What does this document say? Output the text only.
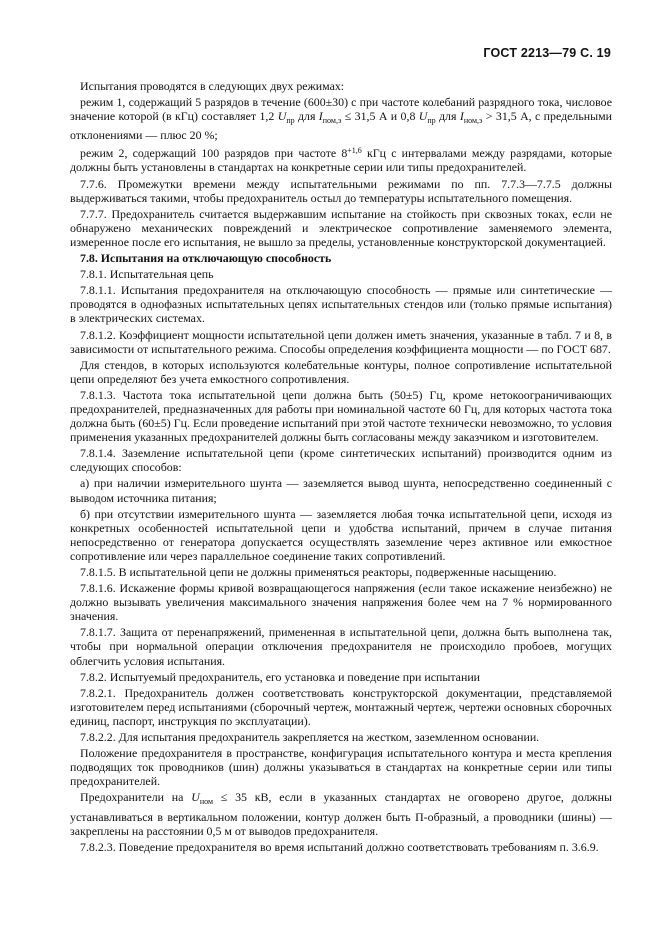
ГОСТ 2213—79 С. 19

Испытания проводятся в следующих двух режимах:

режим 1, содержащий 5 разрядов в течение (600±30) с при частоте колебаний разрядного тока, числовое значение которой (в кГц) составляет 1,2 $U_{пр}$ для $I_{пом,э} \le 31,5$ А и 0,8 $U_{пр}$ для $I_{ном,э} > 31,5$ А, с предельными отклонениями — плюс 20 %;

режим 2, содержащий 100 разрядов при частоте $8^{+1,6}$ кГц с интервалами между разрядами, которые должны быть установлены в стандартах на конкретные серии или типы предохранителей.

7.7.6. Промежутки времени между испытательными режимами по пп. 7.7.3—7.7.5 должны выдерживаться такими, чтобы предохранитель остыл до температуры испытательного помещения.

7.7.7. Предохранитель считается выдержавшим испытание на стойкость при сквозных токах, если не обнаружено механических повреждений и электрическое сопротивление заменяемого элемента, измеренное после его испытания, не вышло за пределы, установленные конструкторской документацией.

7.8. Испытания на отключающую способность

7.8.1. Испытательная цепь

7.8.1.1. Испытания предохранителя на отключающую способность — прямые или синтетические — проводятся в однофазных испытательных цепях испытательных стендов или (только прямые испытания) в электрических системах.

7.8.1.2. Коэффициент мощности испытательной цепи должен иметь значения, указанные в табл. 7 и 8, в зависимости от испытательного режима. Способы определения коэффициента мощности — по ГОСТ 687.

Для стендов, в которых используются колебательные контуры, полное сопротивление испытательной цепи определяют без учета емкостного сопротивления.

7.8.1.3. Частота тока испытательной цепи должна быть (50±5) Гц, кроме нетокоограничивающих предохранителей, предназначенных для работы при номинальной частоте 60 Гц, для которых частота тока должна быть (60±5) Гц. Если проведение испытаний при этой частоте технически невозможно, то условия применения указанных предохранителей должны быть согласованы между заказчиком и изготовителем.

7.8.1.4. Заземление испытательной цепи (кроме синтетических испытаний) производится одним из следующих способов:

а) при наличии измерительного шунта — заземляется вывод шунта, непосредственно соединенный с выводом источника питания;

б) при отсутствии измерительного шунта — заземляется любая точка испытательной цепи, исходя из конкретных особенностей испытательной цепи и удобства испытаний, причем в случае питания непосредственно от генератора допускается осуществлять заземление через активное или емкостное сопротивление или через параллельное соединение таких сопротивлений.

7.8.1.5. В испытательной цепи не должны применяться реакторы, подверженные насыщению.

7.8.1.6. Искажение формы кривой возвращающегося напряжения (если такое искажение неизбежно) не должно вызывать увеличения максимального значения напряжения более чем на 7 % нормированного значения.

7.8.1.7. Защита от перенапряжений, примененная в испытательной цепи, должна быть выполнена так, чтобы при нормальной операции отключения предохранителя не происходило пробоев, могущих облегчить условия испытания.

7.8.2. Испытуемый предохранитель, его установка и поведение при испытании

7.8.2.1. Предохранитель должен соответствовать конструкторской документации, представляемой изготовителем перед испытаниями (сборочный чертеж, монтажный чертеж, чертежи основных сборочных единиц, паспорт, инструкция по эксплуатации).

7.8.2.2. Для испытания предохранитель закрепляется на жестком, заземленном основании.

Положение предохранителя в пространстве, конфигурация испытательного контура и места крепления подводящих ток проводников (шин) должны указываться в стандартах на конкретные серии или типы предохранителей.

Предохранители на $U_{ном} \le 35$ кВ, если в указанных стандартах не оговорено другое, должны устанавливаться в вертикальном положении, контур должен быть П-образный, а проводники (шины) — закреплены на расстоянии 0,5 м от выводов предохранителя.

7.8.2.3. Поведение предохранителя во время испытаний должно соответствовать требованиям п. 3.6.9.
